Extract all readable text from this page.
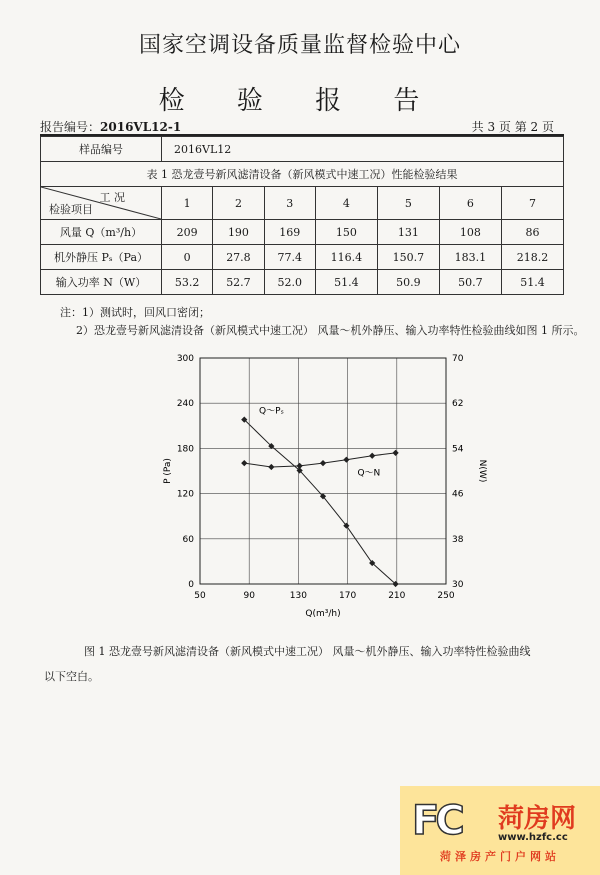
国家空调设备质量监督检验中心
检 验 报 告
报告编号：2016VL12-1	共 3 页 第 2 页
样品编号	2016VL12						
表 1 恐龙壹号新风滤清设备（新风模式中速工况）性能检验结果							

工 况
检验项目	1	2	3	4	5	6	7
风量 Q（m³/h）	209	190	169	150	131	108	86
机外静压 Pₛ（Pa）	0	27.8	77.4	116.4	150.7	183.1	218.2
输入功率 N（W）	53.2	52.7	52.0	51.4	50.9	50.7	51.4
注：1）测试时，回风口密闭；
2）恐龙壹号新风滤清设备（新风模式中速工况） 风量～机外静压、输入功率特性检验曲线如图 1 所示。
50	90	130	170	210	250
0
60
120
180
240
300
30
38
46
54
62
70
Q(m³/h)
P (Pa)	N(W)
Q～Pₛ
Q～N
图 1 恐龙壹号新风滤清设备（新风模式中速工况） 风量～机外静压、输入功率特性检验曲线
以下空白。
FC 菏房网
www.hzfc.cc
菏泽房产门户网站
